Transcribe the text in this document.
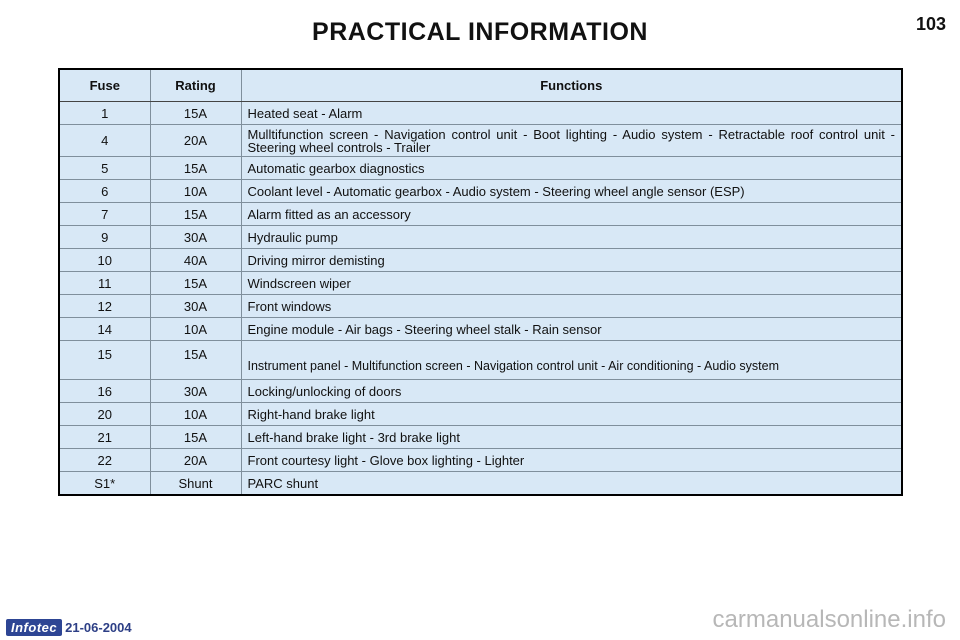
PRACTICAL INFORMATION	103
Fuse	Rating	Functions
1	15A	Heated seat - Alarm
4	20A	Mulltifunction screen - Navigation control unit - Boot lighting - Audio system - Retractable roof control unit - Steering wheel controls - Trailer
5	15A	Automatic gearbox diagnostics
6	10A	Coolant level - Automatic gearbox - Audio system - Steering wheel angle sensor (ESP)
7	15A	Alarm fitted as an accessory
9	30A	Hydraulic pump
10	40A	Driving mirror demisting
11	15A	Windscreen wiper
12	30A	Front windows
14	10A	Engine module - Air bags - Steering wheel stalk - Rain sensor
15	15A	Instrument panel - Multifunction screen - Navigation control unit - Air conditioning - Audio system
16	30A	Locking/unlocking of doors
20	10A	Right-hand brake light
21	15A	Left-hand brake light - 3rd brake light
22	20A	Front courtesy light - Glove box lighting - Lighter
S1*	Shunt	PARC shunt
Infotec 21-06-2004	carmanualsonline.info
